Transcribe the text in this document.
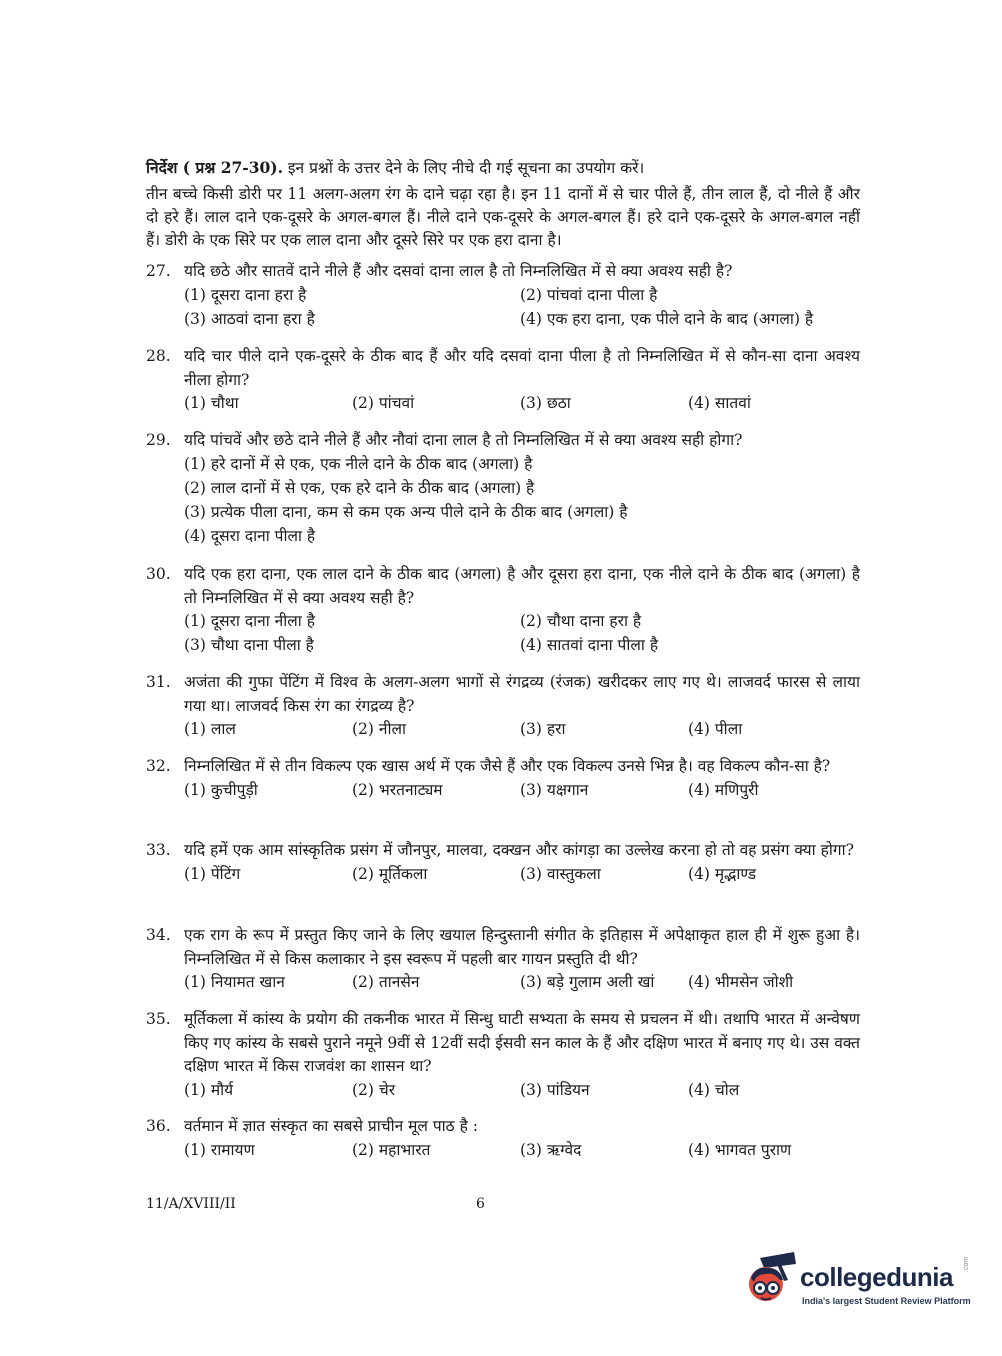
निर्देश ( प्रश्न 27-30). इन प्रश्नों के उत्तर देने के लिए नीचे दी गई सूचना का उपयोग करें।
तीन बच्चे किसी डोरी पर 11 अलग-अलग रंग के दाने चढ़ा रहा है। इन 11 दानों में से चार पीले हैं, तीन लाल हैं, दो नीले हैं और दो हरे हैं। लाल दाने एक-दूसरे के अगल-बगल हैं। नीले दाने एक-दूसरे के अगल-बगल हैं। हरे दाने एक-दूसरे के अगल-बगल नहीं हैं। डोरी के एक सिरे पर एक लाल दाना और दूसरे सिरे पर एक हरा दाना है।
27. यदि छठे और सातवें दाने नीले हैं और दसवां दाना लाल है तो निम्नलिखित में से क्या अवश्य सही है?
(1) दूसरा दाना हरा है	(2) पांचवां दाना पीला है
(3) आठवां दाना हरा है	(4) एक हरा दाना, एक पीले दाने के बाद (अगला) है
28. यदि चार पीले दाने एक-दूसरे के ठीक बाद हैं और यदि दसवां दाना पीला है तो निम्नलिखित में से कौन-सा दाना अवश्य नीला होगा?
(1) चौथा	(2) पांचवां	(3) छठा	(4) सातवां
29. यदि पांचवें और छठे दाने नीले हैं और नौवां दाना लाल है तो निम्नलिखित में से क्या अवश्य सही होगा?
(1) हरे दानों में से एक, एक नीले दाने के ठीक बाद (अगला) है
(2) लाल दानों में से एक, एक हरे दाने के ठीक बाद (अगला) है
(3) प्रत्येक पीला दाना, कम से कम एक अन्य पीले दाने के ठीक बाद (अगला) है
(4) दूसरा दाना पीला है
30. यदि एक हरा दाना, एक लाल दाने के ठीक बाद (अगला) है और दूसरा हरा दाना, एक नीले दाने के ठीक बाद (अगला) है तो निम्नलिखित में से क्या अवश्य सही है?
(1) दूसरा दाना नीला है	(2) चौथा दाना हरा है
(3) चौथा दाना पीला है	(4) सातवां दाना पीला है
31. अजंता की गुफा पेंटिंग में विश्व के अलग-अलग भागों से रंगद्रव्य (रंजक) खरीदकर लाए गए थे। लाजवर्द फारस से लाया गया था। लाजवर्द किस रंग का रंगद्रव्य है?
(1) लाल	(2) नीला	(3) हरा	(4) पीला
32. निम्नलिखित में से तीन विकल्प एक खास अर्थ में एक जैसे हैं और एक विकल्प उनसे भिन्न है। वह विकल्प कौन-सा है?
(1) कुचीपुड़ी	(2) भरतनाट्यम	(3) यक्षगान	(4) मणिपुरी
33. यदि हमें एक आम सांस्कृतिक प्रसंग में जौनपुर, मालवा, दक्खन और कांगड़ा का उल्लेख करना हो तो वह प्रसंग क्या होगा?
(1) पेंटिंग	(2) मूर्तिकला	(3) वास्तुकला	(4) मृद्भाण्ड
34. एक राग के रूप में प्रस्तुत किए जाने के लिए खयाल हिन्दुस्तानी संगीत के इतिहास में अपेक्षाकृत हाल ही में शुरू हुआ है। निम्नलिखित में से किस कलाकार ने इस स्वरूप में पहली बार गायन प्रस्तुति दी थी?
(1) नियामत खान	(2) तानसेन	(3) बड़े गुलाम अली खां (4) भीमसेन जोशी
35. मूर्तिकला में कांस्य के प्रयोग की तकनीक भारत में सिन्धु घाटी सभ्यता के समय से प्रचलन में थी। तथापि भारत में अन्वेषण किए गए कांस्य के सबसे पुराने नमूने 9वीं से 12वीं सदी ईसवी सन काल के हैं और दक्षिण भारत में बनाए गए थे। उस वक्त दक्षिण भारत में किस राजवंश का शासन था?
(1) मौर्य	(2) चेर	(3) पांडियन	(4) चोल
36. वर्तमान में ज्ञात संस्कृत का सबसे प्राचीन मूल पाठ है :
(1) रामायण	(2) महाभारत	(3) ऋग्वेद	(4) भागवत पुराण
11/A/XVIII/II	6
collegedunia .com
India's largest Student Review Platform
